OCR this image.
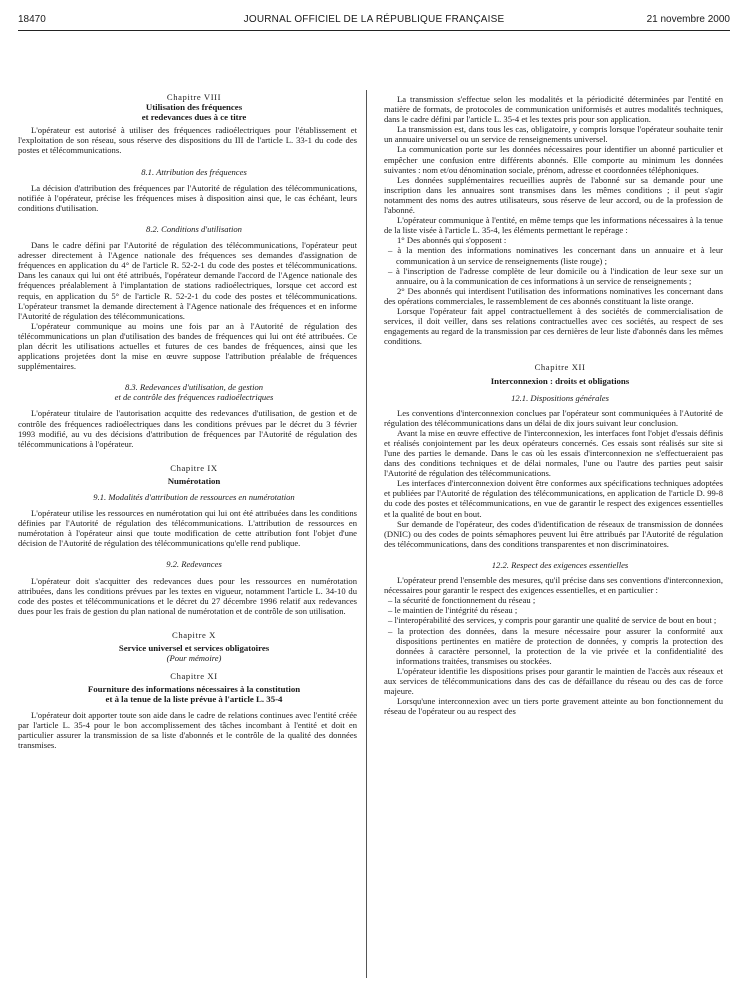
18470	JOURNAL OFFICIEL DE LA RÉPUBLIQUE FRANÇAISE	21 novembre 2000

Chapitre VIII

Utilisation des fréquences

et redevances dues à ce titre

L'opérateur est autorisé à utiliser des fréquences radioélectriques pour l'établissement et l'exploitation de son réseau, sous réserve des dispositions du III de l'article L. 33-1 du code des postes et télécommunications.

8.1. Attribution des fréquences

La décision d'attribution des fréquences par l'Autorité de régulation des télécommunications, notifiée à l'opérateur, précise les fréquences mises à disposition ainsi que, le cas échéant, leurs conditions d'utilisation.

8.2. Conditions d'utilisation

Dans le cadre défini par l'Autorité de régulation des télécommunications, l'opérateur peut adresser directement à l'Agence nationale des fréquences ses demandes d'assignation de fréquences en application du 4° de l'article R. 52-2-1 du code des postes et télécommunications. Dans les canaux qui lui ont été attribués, l'opérateur demande l'accord de l'Agence nationale des fréquences préalablement à l'implantation de stations radioélectriques, lorsque cet accord est requis, en application du 5° de l'article R. 52-2-1 du code des postes et télécommunications. L'opérateur transmet la demande directement à l'Agence nationale des fréquences et en informe l'Autorité de régulation des télécommunications.

L'opérateur communique au moins une fois par an à l'Autorité de régulation des télécommunications un plan d'utilisation des bandes de fréquences qui lui ont été attribuées. Ce plan décrit les utilisations actuelles et futures de ces bandes de fréquences, ainsi que les applications projetées dont la mise en œuvre suppose l'attribution préalable de fréquences supplémentaires.

8.3. Redevances d'utilisation, de gestion

et de contrôle des fréquences radioélectriques

L'opérateur titulaire de l'autorisation acquitte des redevances d'utilisation, de gestion et de contrôle des fréquences radioélectriques dans les conditions prévues par le décret du 3 février 1993 modifié, au vu des décisions d'attribution de fréquences par l'Autorité de régulation des télécommunications à l'opérateur.

Chapitre IX

Numérotation

9.1. Modalités d'attribution de ressources en numérotation

L'opérateur utilise les ressources en numérotation qui lui ont été attribuées dans les conditions définies par l'Autorité de régulation des télécommunications. L'attribution de ressources en numérotation à l'opérateur ainsi que toute modification de cette attribution font l'objet d'une décision de l'Autorité de régulation des télécommunications qu'elle rend publique.

9.2. Redevances

L'opérateur doit s'acquitter des redevances dues pour les ressources en numérotation attribuées, dans les conditions prévues par les textes en vigueur, notamment l'article L. 34-10 du code des postes et télécommunications et le décret du 27 décembre 1996 relatif aux redevances dues pour les frais de gestion du plan national de numérotation et de contrôle de son utilisation.

Chapitre X

Service universel et services obligatoires

(Pour mémoire)

Chapitre XI

Fourniture des informations nécessaires à la constitution

et à la tenue de la liste prévue à l'article L. 35-4

L'opérateur doit apporter toute son aide dans le cadre de relations continues avec l'entité créée par l'article L. 35-4 pour le bon accomplissement des tâches incombant à l'entité et doit en particulier assurer la transmission de sa liste d'abonnés et le contrôle de la qualité des données transmises.

La transmission s'effectue selon les modalités et la périodicité déterminées par l'entité en matière de formats, de protocoles de communication uniformisés et autres modalités techniques, dans le cadre défini par l'article L. 35-4 et les textes pris pour son application.

La transmission est, dans tous les cas, obligatoire, y compris lorsque l'opérateur souhaite tenir un annuaire universel ou un service de renseignements universel.

La communication porte sur les données nécessaires pour identifier un abonné particulier et empêcher une confusion entre différents abonnés. Elle comporte au minimum les données suivantes : nom et/ou dénomination sociale, prénom, adresse et coordonnées téléphoniques.

Les données supplémentaires recueillies auprès de l'abonné sur sa demande pour une inscription dans les annuaires sont transmises dans les mêmes conditions ; il peut s'agir notamment des noms des autres utilisateurs, sous réserve de leur accord, ou de la profession de l'abonné.

L'opérateur communique à l'entité, en même temps que les informations nécessaires à la tenue de la liste visée à l'article L. 35-4, les éléments permettant le repérage :

1° Des abonnés qui s'opposent :

– à la mention des informations nominatives les concernant dans un annuaire et à leur communication à un service de renseignements (liste rouge) ;

– à l'inscription de l'adresse complète de leur domicile ou à l'indication de leur sexe sur un annuaire, ou à la communication de ces informations à un service de renseignements ;

2° Des abonnés qui interdisent l'utilisation des informations nominatives les concernant dans des opérations commerciales, le rassemblement de ces abonnés constituant la liste orange.

Lorsque l'opérateur fait appel contractuellement à des sociétés de commercialisation de services, il doit veiller, dans ses relations contractuelles avec ces sociétés, au respect de ses engagements au regard de la transmission par ces dernières de leur liste d'abonnés dans les mêmes conditions.

Chapitre XII

Interconnexion : droits et obligations

12.1. Dispositions générales

Les conventions d'interconnexion conclues par l'opérateur sont communiquées à l'Autorité de régulation des télécommunications dans un délai de dix jours suivant leur conclusion.

Avant la mise en œuvre effective de l'interconnexion, les interfaces font l'objet d'essais définis et réalisés conjointement par les deux opérateurs concernés. Ces essais sont réalisés sur site si l'une des parties le demande. Dans le cas où les essais d'interconnexion ne s'effectueraient pas dans des conditions techniques et de délai normales, l'une ou l'autre des parties peut saisir l'Autorité de régulation des télécommunications.

Les interfaces d'interconnexion doivent être conformes aux spécifications techniques adoptées et publiées par l'Autorité de régulation des télécommunications, en application de l'article D. 99-8 du code des postes et télécommunications, en vue de garantir le respect des exigences essentielles et la qualité de bout en bout.

Sur demande de l'opérateur, des codes d'identification de réseaux de transmission de données (DNIC) ou des codes de points sémaphores peuvent lui être attribués par l'Autorité de régulation des télécommunications, dans des conditions transparentes et non discriminatoires.

12.2. Respect des exigences essentielles

L'opérateur prend l'ensemble des mesures, qu'il précise dans ses conventions d'interconnexion, nécessaires pour garantir le respect des exigences essentielles, et en particulier :

– la sécurité de fonctionnement du réseau ;

– le maintien de l'intégrité du réseau ;

– l'interopérabilité des services, y compris pour garantir une qualité de service de bout en bout ;

– la protection des données, dans la mesure nécessaire pour assurer la conformité aux dispositions pertinentes en matière de protection de données, y compris la protection des données à caractère personnel, la protection de la vie privée et la confidentialité des informations traitées, transmises ou stockées.

L'opérateur identifie les dispositions prises pour garantir le maintien de l'accès aux réseaux et aux services de télécommunications dans des cas de défaillance du réseau ou des cas de force majeure.

Lorsqu'une interconnexion avec un tiers porte gravement atteinte au bon fonctionnement du réseau de l'opérateur ou au respect des
